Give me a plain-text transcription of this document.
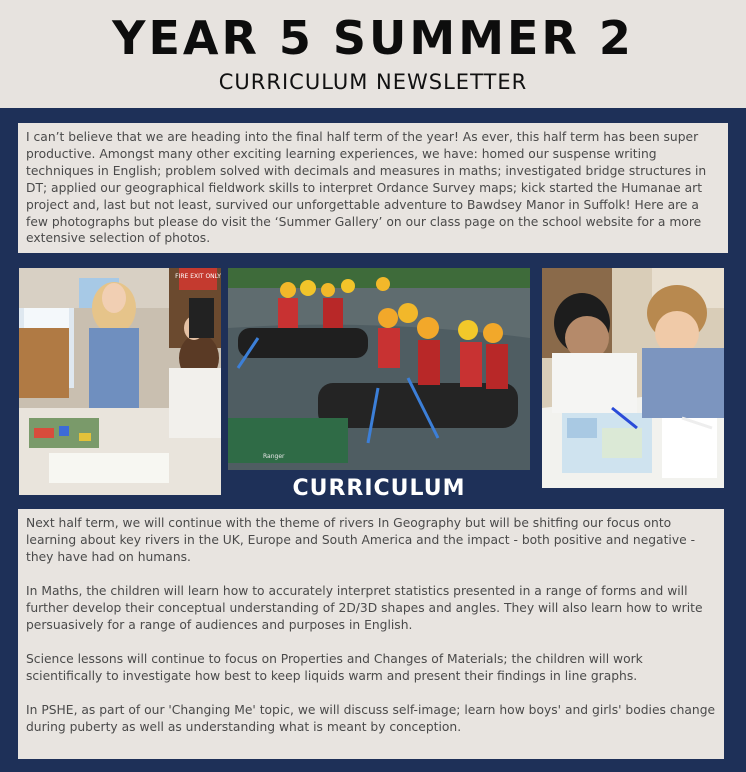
YEAR 5 SUMMER 2
CURRICULUM NEWSLETTER

I can’t believe that we are heading into the final half term of the year! As ever, this half term has been super productive. Amongst many other exciting learning experiences, we have: homed our suspense writing techniques in English; problem solved with decimals and measures in maths; investigated bridge structures in DT; applied our geographical fieldwork skills to interpret Ordance Survey maps; kick started the Humanae art project and, last but not least, survived our unforgettable adventure to Bawdsey Manor in Suffolk! Here are a few photographs but please do visit the ‘Summer Gallery’ on our class page on the school website for a more extensive selection of photos.

FIRE EXIT ONLY
Ranger
CURRICULUM

Next half term, we will continue with the theme of rivers In Geography but will be shitfing our focus onto learning about key rivers in the UK, Europe and South America and the impact - both positive and negative - they have had on humans.

In Maths, the children will learn how to accurately interpret statistics presented in a range of forms and will further develop their conceptual understanding of 2D/3D shapes and angles. They will also learn how to write persuasively for a range of audiences and purposes in English.

Science lessons will continue to focus on Properties and Changes of Materials; the children will work scientifically to investigate how best to keep liquids warm and present their findings in line graphs.

In PSHE, as part of our 'Changing Me' topic, we will discuss self-image; learn how boys' and girls' bodies change during puberty as well as understanding what is meant by conception.
